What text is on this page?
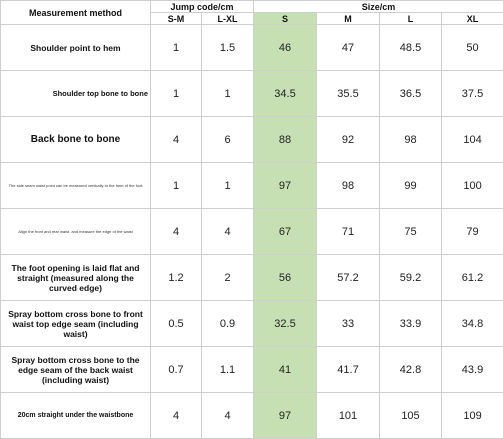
Measurement method	Jump code/cm		Size/cm			
	S-M	L-XL	S	M	L	XL
Shoulder point to hem	1	1.5	46	47	48.5	50
Shoulder top bone to bone	1	1	34.5	35.5	36.5	37.5
Back bone to bone	4	6	88	92	98	104
The side seam waist point can be measured vertically to the hem of the foot	1	1	97	98	99	100
Align the front and rear waist, and measure the edge of the waist	4	4	67	71	75	79
The foot opening is laid flat and straight (measured along the curved edge)	1.2	2	56	57.2	59.2	61.2
Spray bottom cross bone to front waist top edge seam (including waist)	0.5	0.9	32.5	33	33.9	34.8
Spray bottom cross bone to the edge seam of the back waist (including waist)	0.7	1.1	41	41.7	42.8	43.9
20cm straight under the waistbone	4	4	97	101	105	109
